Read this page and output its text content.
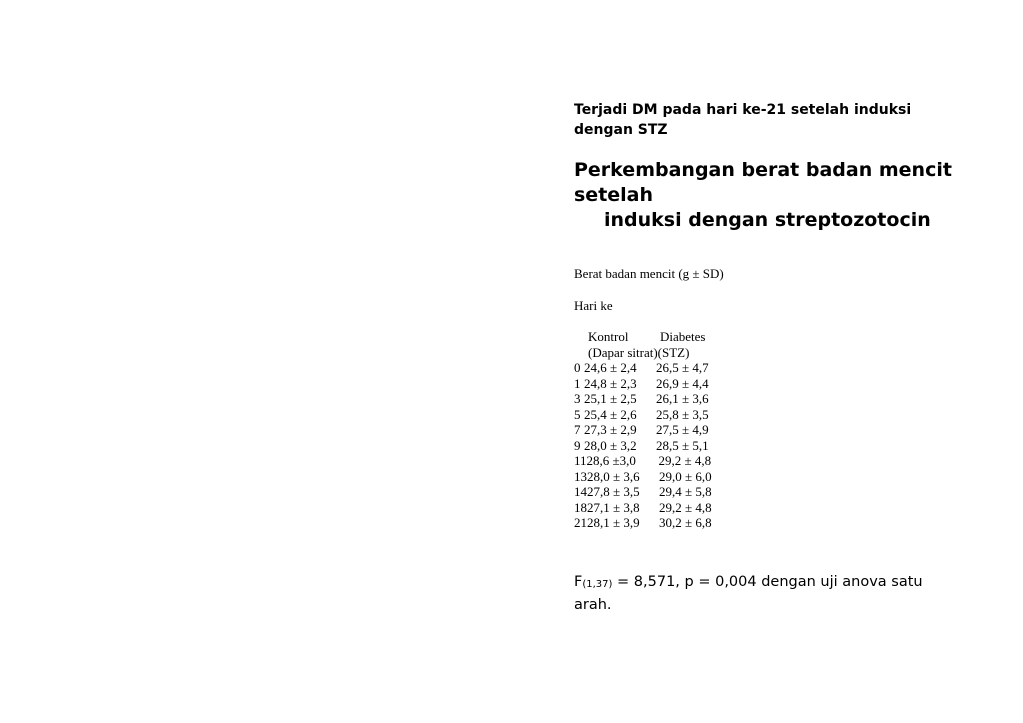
Terjadi DM pada hari ke-21 setelah induksi
dengan STZ

Perkembangan berat badan mencit setelah
induksi dengan streptozotocin
Berat badan mencit (g ± SD)
Hari ke
Kontrol	Diabetes
(Dapar sitrat) (STZ)
0 24,6 ± 2,4	26,5 ± 4,7
1 24,8 ± 2,3	26,9 ± 4,4
3 25,1 ± 2,5	26,1 ± 3,6
5 25,4 ± 2,6	25,8 ± 3,5
7 27,3 ± 2,9	27,5 ± 4,9
9 28,0 ± 3,2	28,5 ± 5,1
11 28,6 ±3,0	29,2 ± 4,8
13 28,0 ± 3,6	29,0 ± 6,0
14 27,8 ± 3,5	29,4 ± 5,8
18 27,1 ± 3,8	29,2 ± 4,8
21 28,1 ± 3,9	30,2 ± 6,8
$F_{(1,37)} = 8,571$, p = 0,004 dengan uji anova satu
arah.
